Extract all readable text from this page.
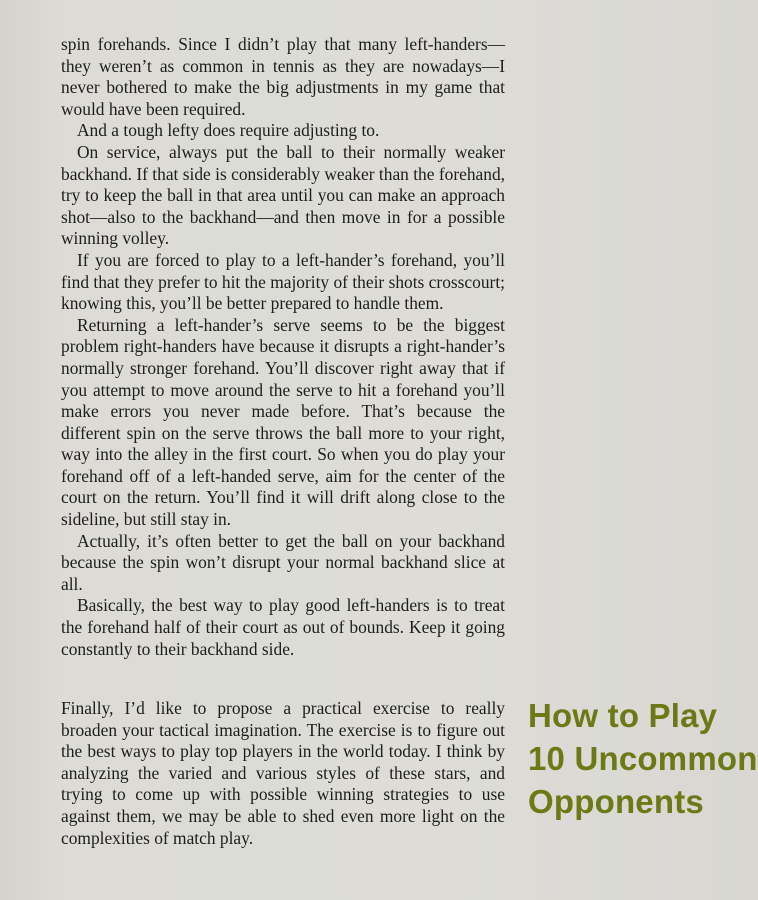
spin forehands. Since I didn’t play that many left-handers—they weren’t as common in tennis as they are nowadays—I never bothered to make the big adjustments in my game that would have been required.

And a tough lefty does require adjusting to.

On service, always put the ball to their normally weaker backhand. If that side is considerably weaker than the forehand, try to keep the ball in that area until you can make an approach shot—also to the backhand—and then move in for a possible winning volley.

If you are forced to play to a left-hander’s forehand, you’ll find that they prefer to hit the majority of their shots crosscourt; knowing this, you’ll be better prepared to handle them.

Returning a left-hander’s serve seems to be the biggest problem right-handers have because it disrupts a right-hander’s normally stronger forehand. You’ll discover right away that if you attempt to move around the serve to hit a forehand you’ll make errors you never made before. That’s because the different spin on the serve throws the ball more to your right, way into the alley in the first court. So when you do play your forehand off of a left-handed serve, aim for the center of the court on the return. You’ll find it will drift along close to the sideline, but still stay in.

Actually, it’s often better to get the ball on your backhand because the spin won’t disrupt your normal backhand slice at all.

Basically, the best way to play good left-handers is to treat the forehand half of their court as out of bounds. Keep it going constantly to their backhand side.

Finally, I’d like to propose a practical exercise to really broaden your tactical imagination. The exercise is to figure out the best ways to play top players in the world today. I think by analyzing the varied and various styles of these stars, and trying to come up with possible winning strategies to use against them, we may be able to shed even more light on the complexities of match play.

How to Play
10 Uncommon
Opponents
